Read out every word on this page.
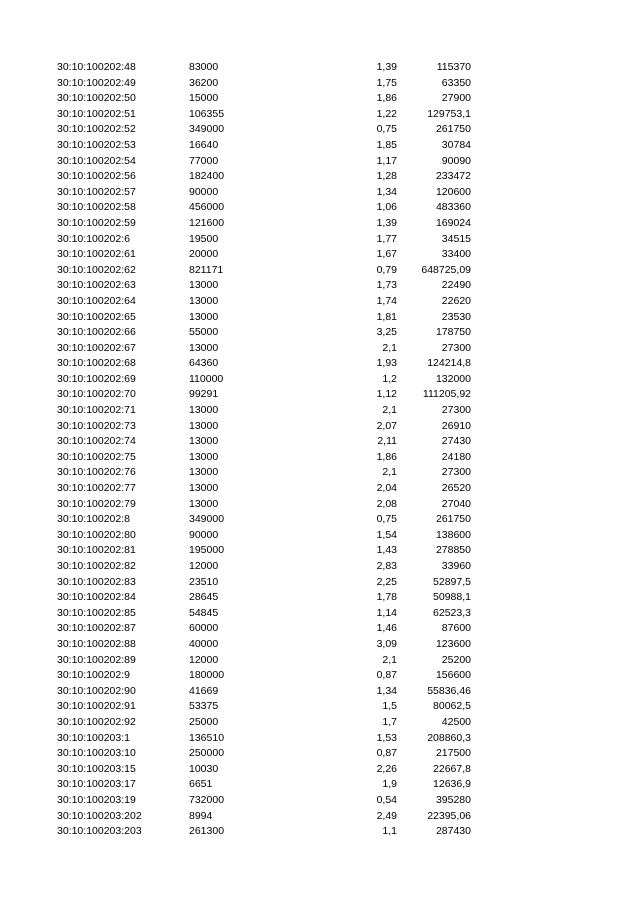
30:10:100202:48	83000	1,39	115370
30:10:100202:49	36200	1,75	63350
30:10:100202:50	15000	1,86	27900
30:10:100202:51	106355	1,22	129753,1
30:10:100202:52	349000	0,75	261750
30:10:100202:53	16640	1,85	30784
30:10:100202:54	77000	1,17	90090
30:10:100202:56	182400	1,28	233472
30:10:100202:57	90000	1,34	120600
30:10:100202:58	456000	1,06	483360
30:10:100202:59	121600	1,39	169024
30:10:100202:6	19500	1,77	34515
30:10:100202:61	20000	1,67	33400
30:10:100202:62	821171	0,79	648725,09
30:10:100202:63	13000	1,73	22490
30:10:100202:64	13000	1,74	22620
30:10:100202:65	13000	1,81	23530
30:10:100202:66	55000	3,25	178750
30:10:100202:67	13000	2,1	27300
30:10:100202:68	64360	1,93	124214,8
30:10:100202:69	110000	1,2	132000
30:10:100202:70	99291	1,12	111205,92
30:10:100202:71	13000	2,1	27300
30:10:100202:73	13000	2,07	26910
30:10:100202:74	13000	2,11	27430
30:10:100202:75	13000	1,86	24180
30:10:100202:76	13000	2,1	27300
30:10:100202:77	13000	2,04	26520
30:10:100202:79	13000	2,08	27040
30:10:100202:8	349000	0,75	261750
30:10:100202:80	90000	1,54	138600
30:10:100202:81	195000	1,43	278850
30:10:100202:82	12000	2,83	33960
30:10:100202:83	23510	2,25	52897,5
30:10:100202:84	28645	1,78	50988,1
30:10:100202:85	54845	1,14	62523,3
30:10:100202:87	60000	1,46	87600
30:10:100202:88	40000	3,09	123600
30:10:100202:89	12000	2,1	25200
30:10:100202:9	180000	0,87	156600
30:10:100202:90	41669	1,34	55836,46
30:10:100202:91	53375	1,5	80062,5
30:10:100202:92	25000	1,7	42500
30:10:100203:1	136510	1,53	208860,3
30:10:100203:10	250000	0,87	217500
30:10:100203:15	10030	2,26	22667,8
30:10:100203:17	6651	1,9	12636,9
30:10:100203:19	732000	0,54	395280
30:10:100203:202	8994	2,49	22395,06
30:10:100203:203	261300	1,1	287430
